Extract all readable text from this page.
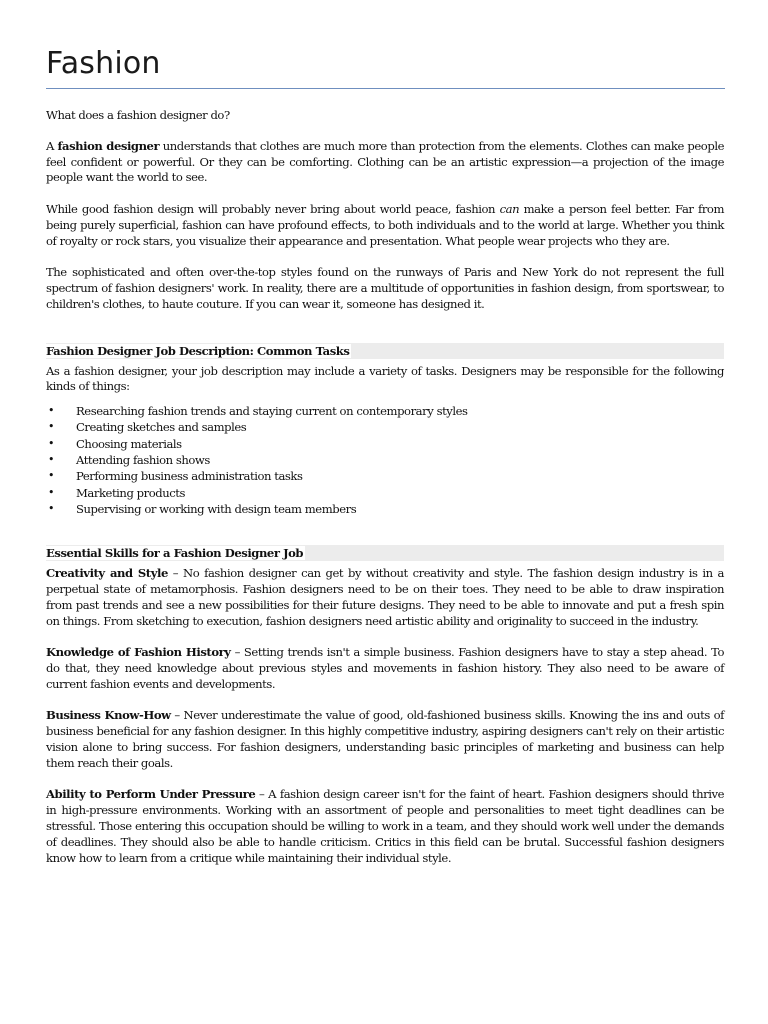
Fashion

What does a fashion designer do?

A fashion designer understands that clothes are much more than protection from the elements. Clothes can make people feel confident or powerful. Or they can be comforting. Clothing can be an artistic expression—a projection of the image people want the world to see.

While good fashion design will probably never bring about world peace, fashion can make a person feel better. Far from being purely superficial, fashion can have profound effects, to both individuals and to the world at large. Whether you think of royalty or rock stars, you visualize their appearance and presentation. What people wear projects who they are.

The sophisticated and often over-the-top styles found on the runways of Paris and New York do not represent the full spectrum of fashion designers' work. In reality, there are a multitude of opportunities in fashion design, from sportswear, to children's clothes, to haute couture. If you can wear it, someone has designed it.

Fashion Designer Job Description: Common Tasks

As a fashion designer, your job description may include a variety of tasks. Designers may be responsible for the following kinds of things:

• Researching fashion trends and staying current on contemporary styles
• Creating sketches and samples
• Choosing materials
• Attending fashion shows
• Performing business administration tasks
• Marketing products
• Supervising or working with design team members
Essential Skills for a Fashion Designer Job

Creativity and Style – No fashion designer can get by without creativity and style. The fashion design industry is in a perpetual state of metamorphosis. Fashion designers need to be on their toes. They need to be able to draw inspiration from past trends and see a new possibilities for their future designs. They need to be able to innovate and put a fresh spin on things. From sketching to execution, fashion designers need artistic ability and originality to succeed in the industry.

Knowledge of Fashion History – Setting trends isn't a simple business. Fashion designers have to stay a step ahead. To do that, they need knowledge about previous styles and movements in fashion history. They also need to be aware of current fashion events and developments.

Business Know-How – Never underestimate the value of good, old-fashioned business skills. Knowing the ins and outs of business beneficial for any fashion designer. In this highly competitive industry, aspiring designers can't rely on their artistic vision alone to bring success. For fashion designers, understanding basic principles of marketing and business can help them reach their goals.

Ability to Perform Under Pressure – A fashion design career isn't for the faint of heart. Fashion designers should thrive in high-pressure environments. Working with an assortment of people and personalities to meet tight deadlines can be stressful. Those entering this occupation should be willing to work in a team, and they should work well under the demands of deadlines. They should also be able to handle criticism. Critics in this field can be brutal. Successful fashion designers know how to learn from a critique while maintaining their individual style.
